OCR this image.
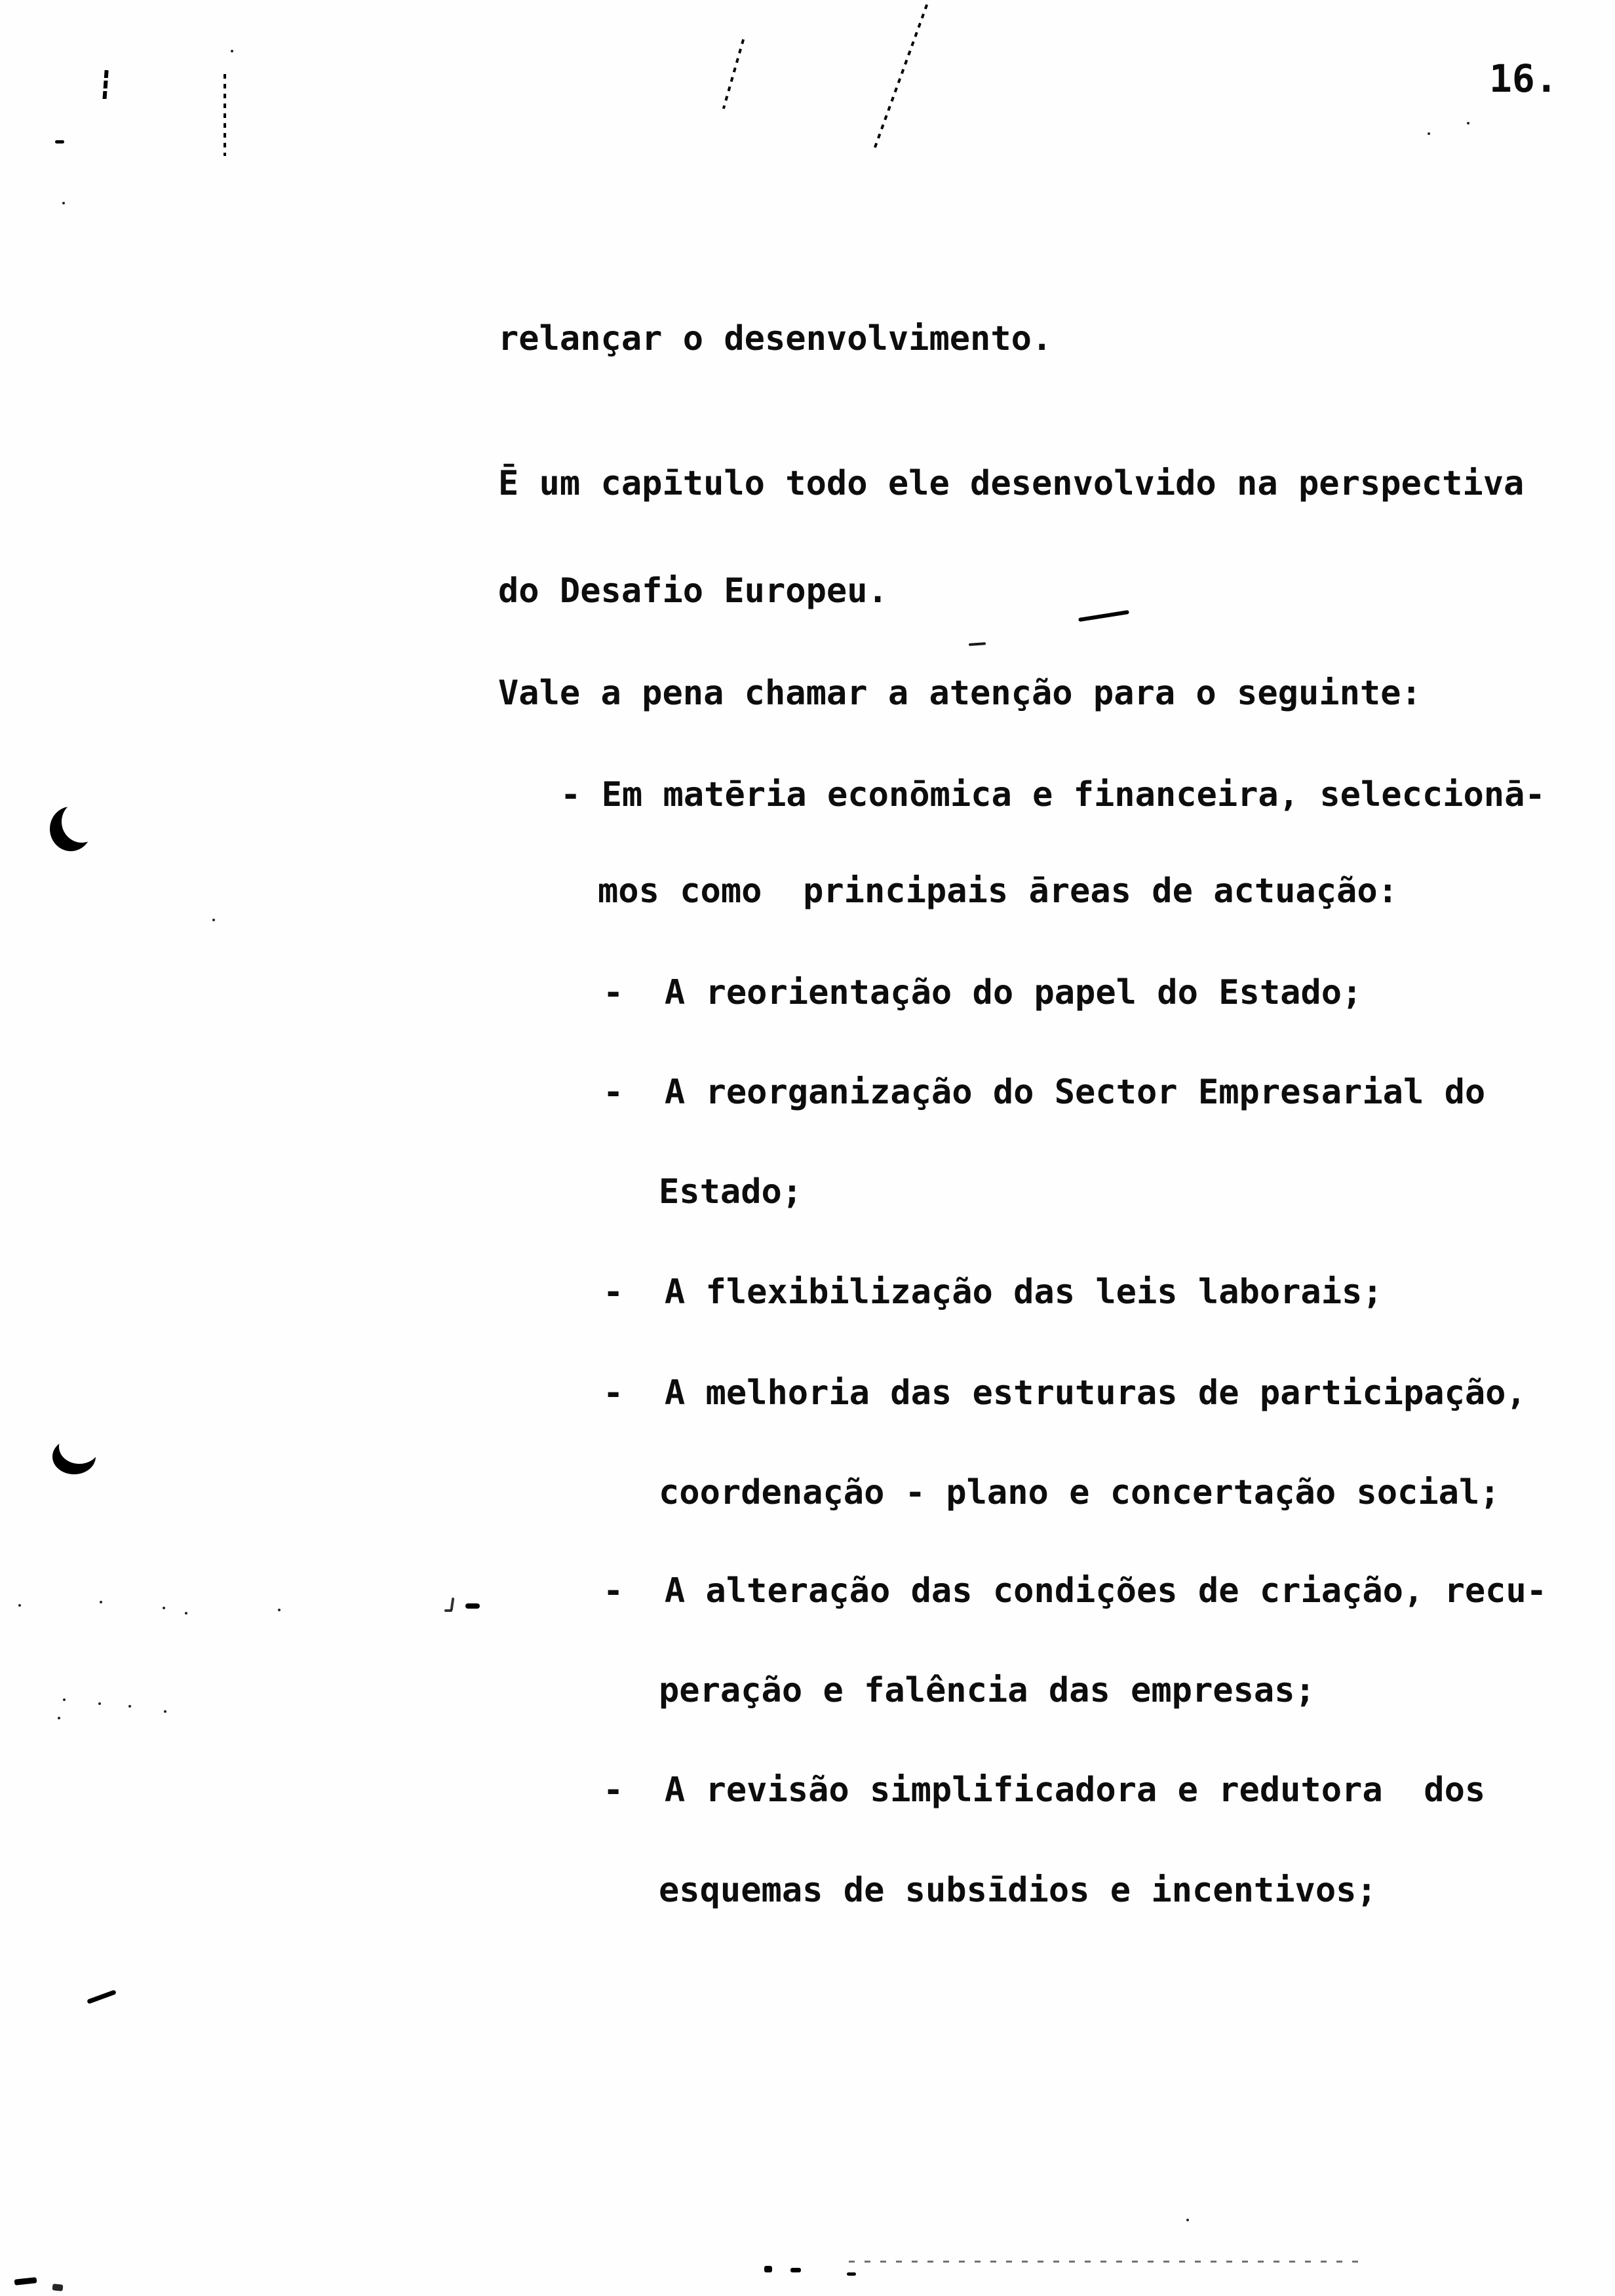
16.
relançar o desenvolvimento.
Ē um capītulo todo ele desenvolvido na perspectiva
do Desafio Europeu.
Vale a pena chamar a atenção para o seguinte:
- Em matēria econōmica e financeira, seleccionā-
mos como  principais āreas de actuação:
-  A reorientação do papel do Estado;
-  A reorganização do Sector Empresarial do
Estado;
-  A flexibilização das leis laborais;
-  A melhoria das estruturas de participação,
coordenação - plano e concertação social;
-  A alteração das condições de criação, recu-
peração e falência das empresas;
-  A revisão simplificadora e redutora  dos
esquemas de subsīdios e incentivos;
